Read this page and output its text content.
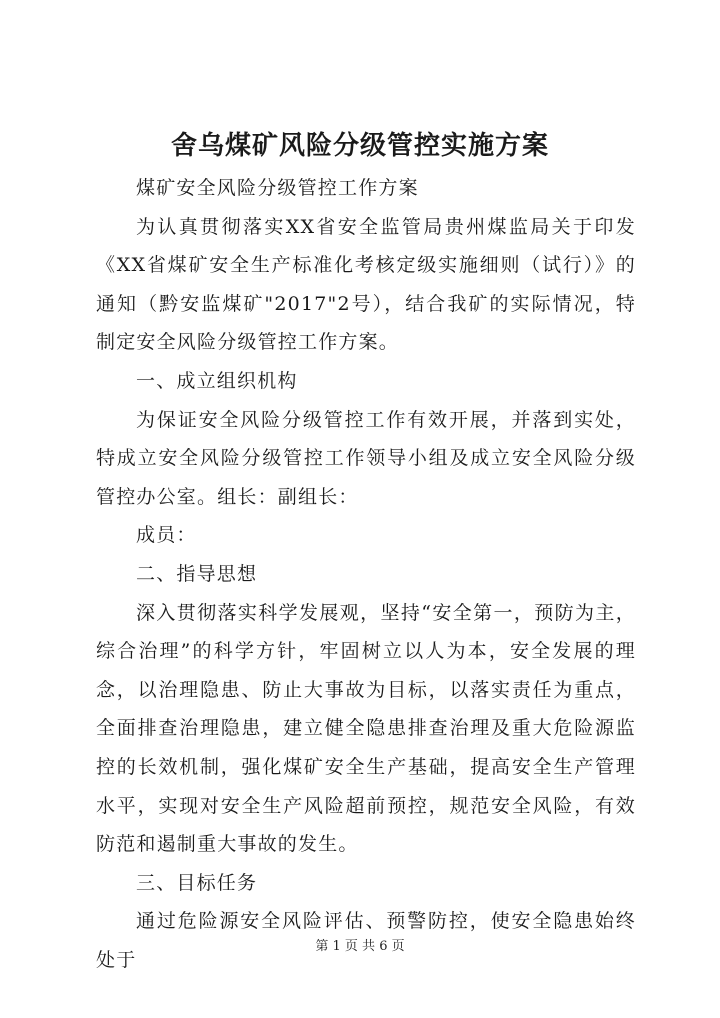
舍乌煤矿风险分级管控实施方案

煤矿安全风险分级管控工作方案

为认真贯彻落实XX省安全监管局贵州煤监局关于印发《XX省煤矿安全生产标准化考核定级实施细则（试行）》的通知（黔安监煤矿"2017"2号），结合我矿的实际情况，特制定安全风险分级管控工作方案。

一、成立组织机构

为保证安全风险分级管控工作有效开展，并落到实处，特成立安全风险分级管控工作领导小组及成立安全风险分级管控办公室。组长：副组长：

成员：

二、指导思想

深入贯彻落实科学发展观，坚持“安全第一，预防为主，综合治理”的科学方针，牢固树立以人为本，安全发展的理念，以治理隐患、防止大事故为目标，以落实责任为重点，全面排查治理隐患，建立健全隐患排查治理及重大危险源监控的长效机制，强化煤矿安全生产基础，提高安全生产管理水平，实现对安全生产风险超前预控，规范安全风险，有效防范和遏制重大事故的发生。

三、目标任务

通过危险源安全风险评估、预警防控，使安全隐患始终处于

第 1 页 共 6 页
